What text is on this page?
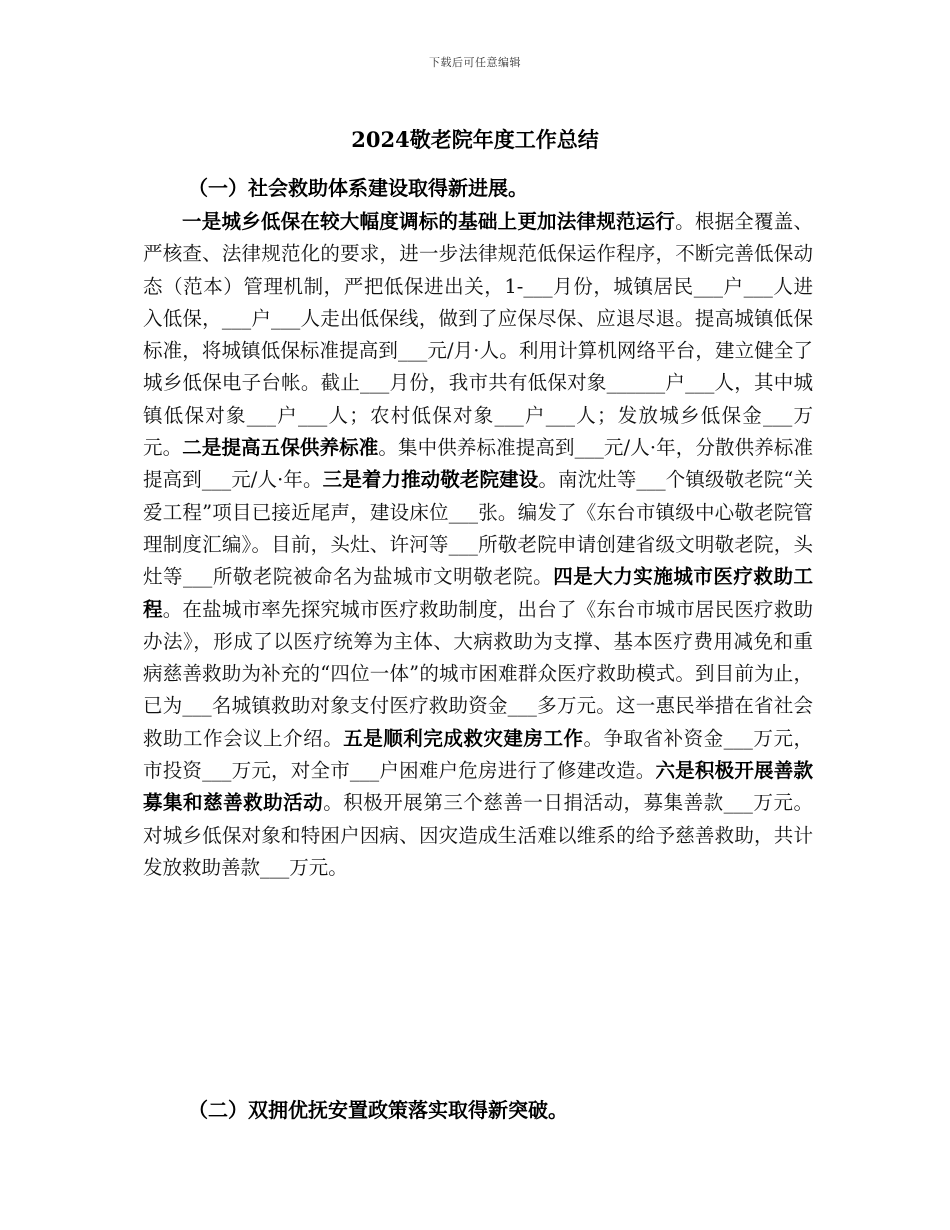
下载后可任意编辑
2024敬老院年度工作总结
（一）社会救助体系建设取得新进展。

一是城乡低保在较大幅度调标的基础上更加法律规范运行。根据全覆盖、严核查、法律规范化的要求，进一步法律规范低保运作程序，不断完善低保动态（范本）管理机制，严把低保进出关，1-___月份，城镇居民___户___人进入低保，___户___人走出低保线，做到了应保尽保、应退尽退。提高城镇低保标准，将城镇低保标准提高到___元/月·人。利用计算机网络平台，建立健全了城乡低保电子台帐。截止___月份，我市共有低保对象______户___人，其中城镇低保对象___户___人；农村低保对象___户___人；发放城乡低保金___万元。二是提高五保供养标准。集中供养标准提高到___元/人·年，分散供养标准提高到___元/人·年。三是着力推动敬老院建设。南沈灶等___个镇级敬老院“关爱工程”项目已接近尾声，建设床位___张。编发了《东台市镇级中心敬老院管理制度汇编》。目前，头灶、许河等___所敬老院申请创建省级文明敬老院，头灶等___所敬老院被命名为盐城市文明敬老院。四是大力实施城市医疗救助工程。在盐城市率先探究城市医疗救助制度，出台了《东台市城市居民医疗救助办法》，形成了以医疗统筹为主体、大病救助为支撑、基本医疗费用减免和重病慈善救助为补充的“四位一体”的城市困难群众医疗救助模式。到目前为止，已为___名城镇救助对象支付医疗救助资金___多万元。这一惠民举措在省社会救助工作会议上介绍。五是顺利完成救灾建房工作。争取省补资金___万元，市投资___万元，对全市___户困难户危房进行了修建改造。六是积极开展善款募集和慈善救助活动。积极开展第三个慈善一日捐活动，募集善款___万元。对城乡低保对象和特困户因病、因灾造成生活难以维系的给予慈善救助，共计发放救助善款___万元。

（二）双拥优抚安置政策落实取得新突破。
